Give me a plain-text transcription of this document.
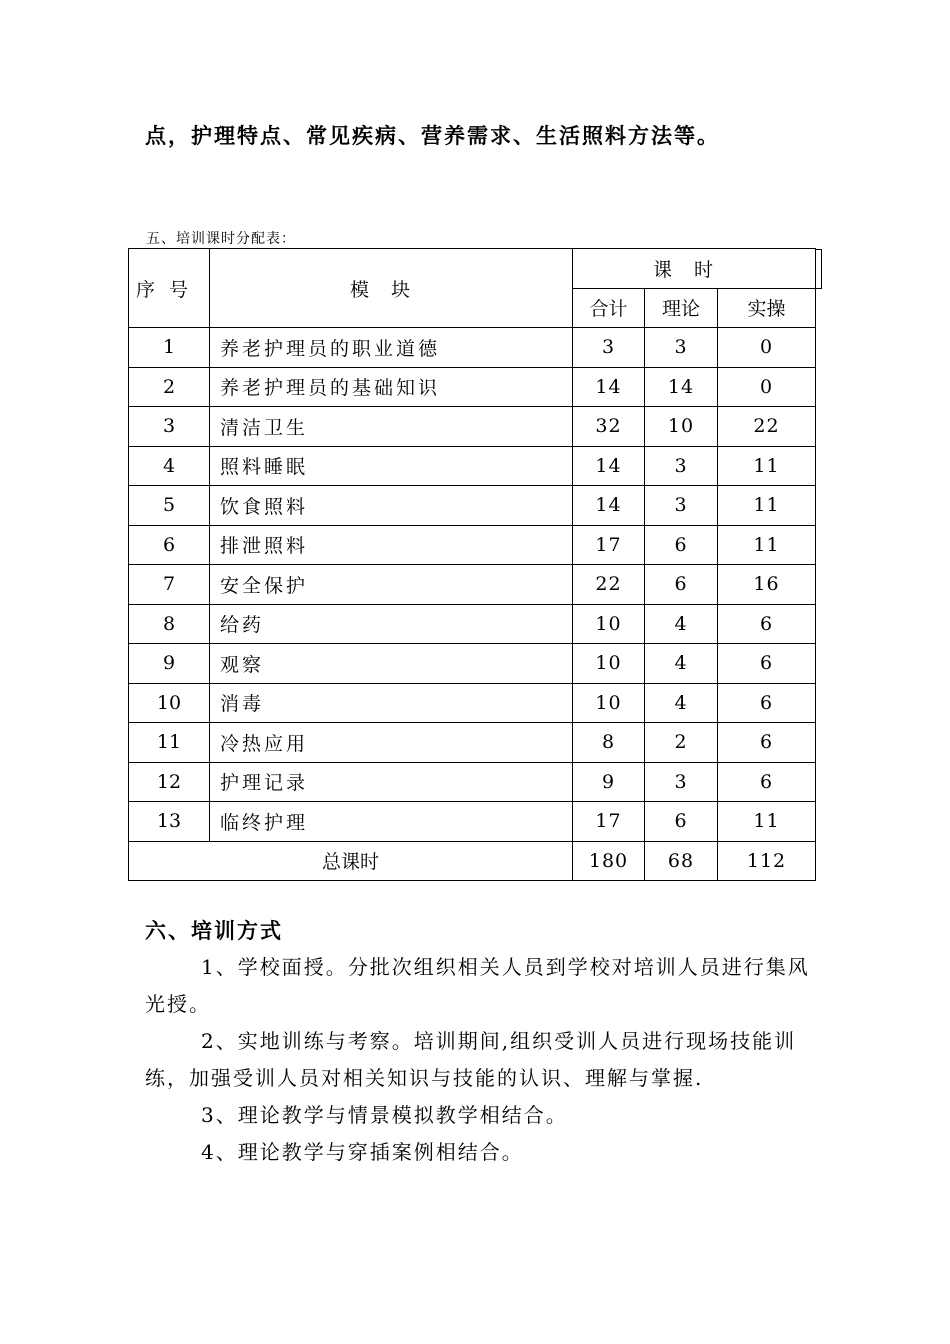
点，护理特点、常见疾病、营养需求、生活照料方法等。
五、培训课时分配表：
序号	模块	课时		
		合计	理论	实操
1	养老护理员的职业道德	3	3	0
2	养老护理员的基础知识	14	14	0
3	清洁卫生	32	10	22
4	照料睡眠	14	3	11
5	饮食照料	14	3	11
6	排泄照料	17	6	11
7	安全保护	22	6	16
8	给药	10	4	6
9	观察	10	4	6
10	消毒	10	4	6
11	冷热应用	8	2	6
12	护理记录	9	3	6
13	临终护理	17	6	11
总课时		180	68	112
六、培训方式
1、学校面授。分批次组织相关人员到学校对培训人员进行集风光授。
2、实地训练与考察。培训期间,组织受训人员进行现场技能训练，加强受训人员对相关知识与技能的认识、理解与掌握.
3、理论教学与情景模拟教学相结合。
4、理论教学与穿插案例相结合。
